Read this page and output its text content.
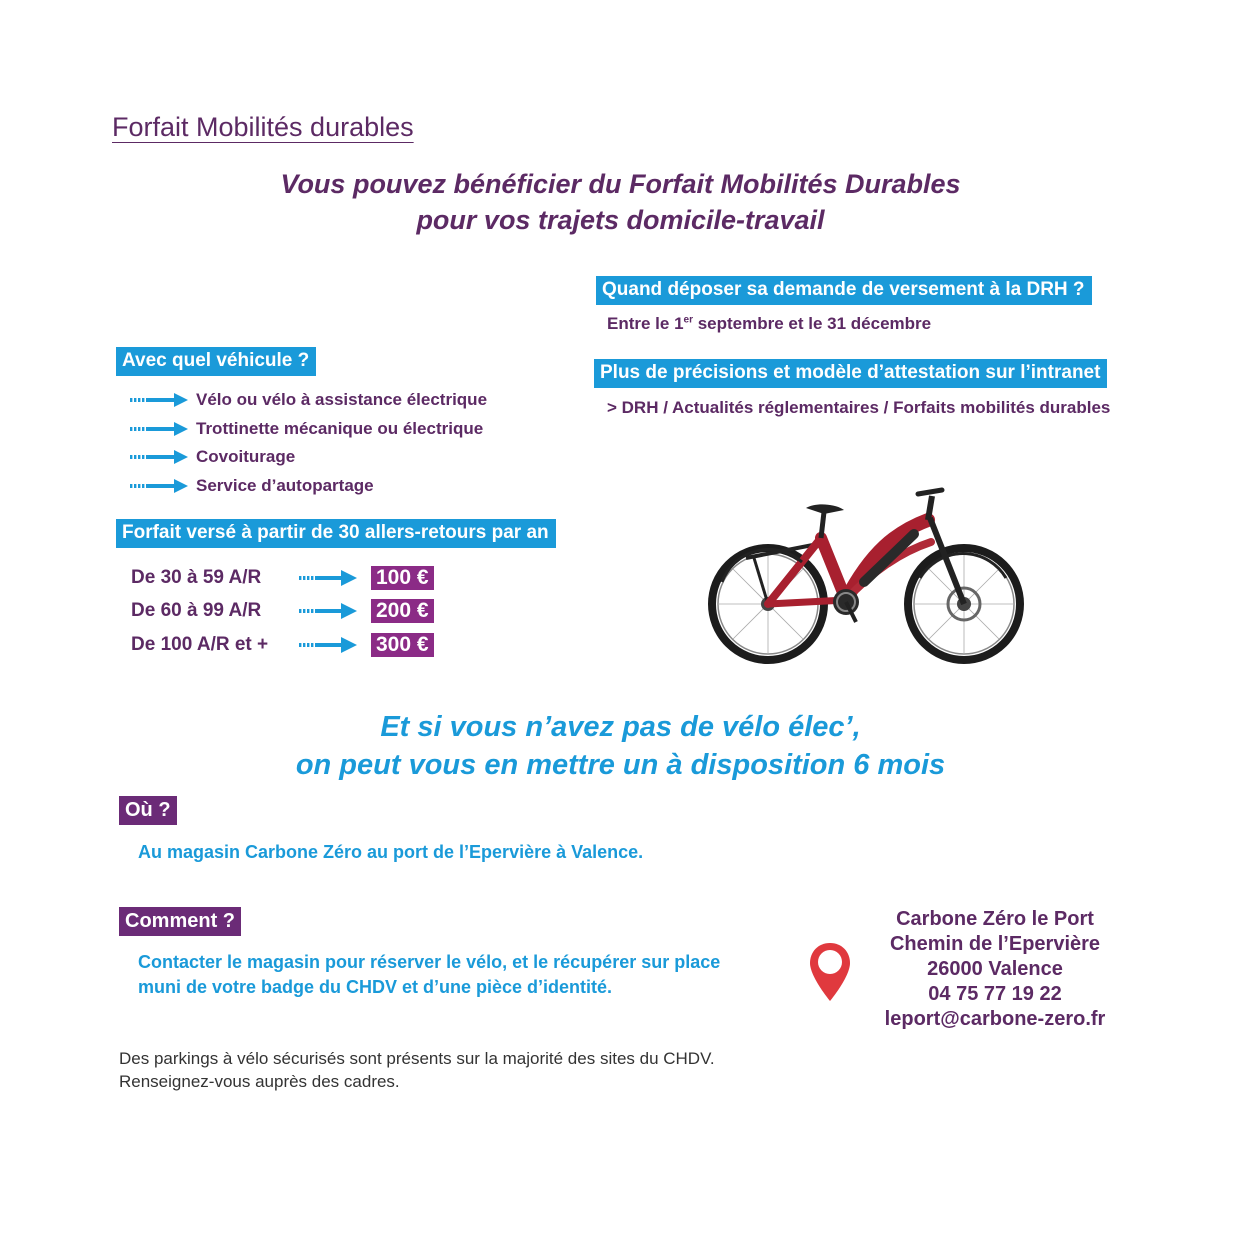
Forfait Mobilités durables
Vous pouvez bénéficier du Forfait Mobilités Durables
pour vos trajets domicile-travail
Quand déposer sa demande de versement à la DRH ?
Entre le 1er septembre et le 31 décembre
Plus de précisions et modèle d’attestation sur l’intranet
> DRH / Actualités réglementaires / Forfaits mobilités durables
Avec quel véhicule ?
Vélo ou vélo à assistance électrique
Trottinette mécanique ou électrique
Covoiturage
Service d’autopartage
Forfait versé à partir de 30 allers-retours par an
De 30 à 59 A/R	100 €
De 60 à 99 A/R	200 €
De 100 A/R et +	300 €
Et si vous n’avez pas de vélo élec’,
on peut vous en mettre un à disposition 6 mois
Où ?
Au magasin Carbone Zéro au port de l’Epervière à Valence.
Comment ?
Contacter le magasin pour réserver le vélo, et le récupérer sur place
muni de votre badge du CHDV et d’une pièce d’identité.
Carbone Zéro le Port
Chemin de l’Epervière
26000 Valence
04 75 77 19 22
leport@carbone-zero.fr
Des parkings à vélo sécurisés sont présents sur la majorité des sites du CHDV.
Renseignez-vous auprès des cadres.
